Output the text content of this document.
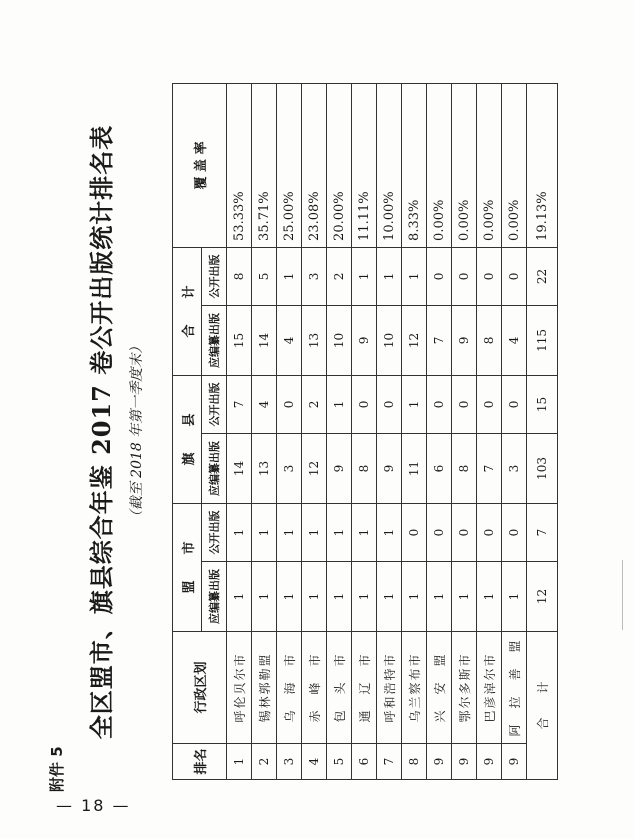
附件 5
全区盟市、旗县综合年鉴 2017 卷公开出版统计排名表 （截至 2018 年第一季度末）
排名	行政区划	盟　　市		旗　　县		合　　计		覆 盖 率
		应编纂出版	公开出版	应编纂出版	公开出版	应编纂出版	公开出版	
1	呼伦贝尔市	1	1	14	7	15	8	53.33%
2	锡林郭勒盟	1	1	13	4	14	5	35.71%
3	乌　海　市	1	1	3	0	4	1	25.00%
4	赤　峰　市	1	1	12	2	13	3	23.08%
5	包　头　市	1	1	9	1	10	2	20.00%
6	通　辽　市	1	1	8	0	9	1	11.11%
7	呼和浩特市	1	1	9	0	10	1	10.00%
8	乌兰察布市	1	0	11	1	12	1	8.33%
9	兴　安　盟	1	0	6	0	7	0	0.00%
9	鄂尔多斯市	1	0	8	0	9	0	0.00%
9	巴彦淖尔市	1	0	7	0	8	0	0.00%
9	阿　拉　善　盟	1	0	3	0	4	0	0.00%
合　　计		12	7	103	15	115	22	19.13%
— 18 —
